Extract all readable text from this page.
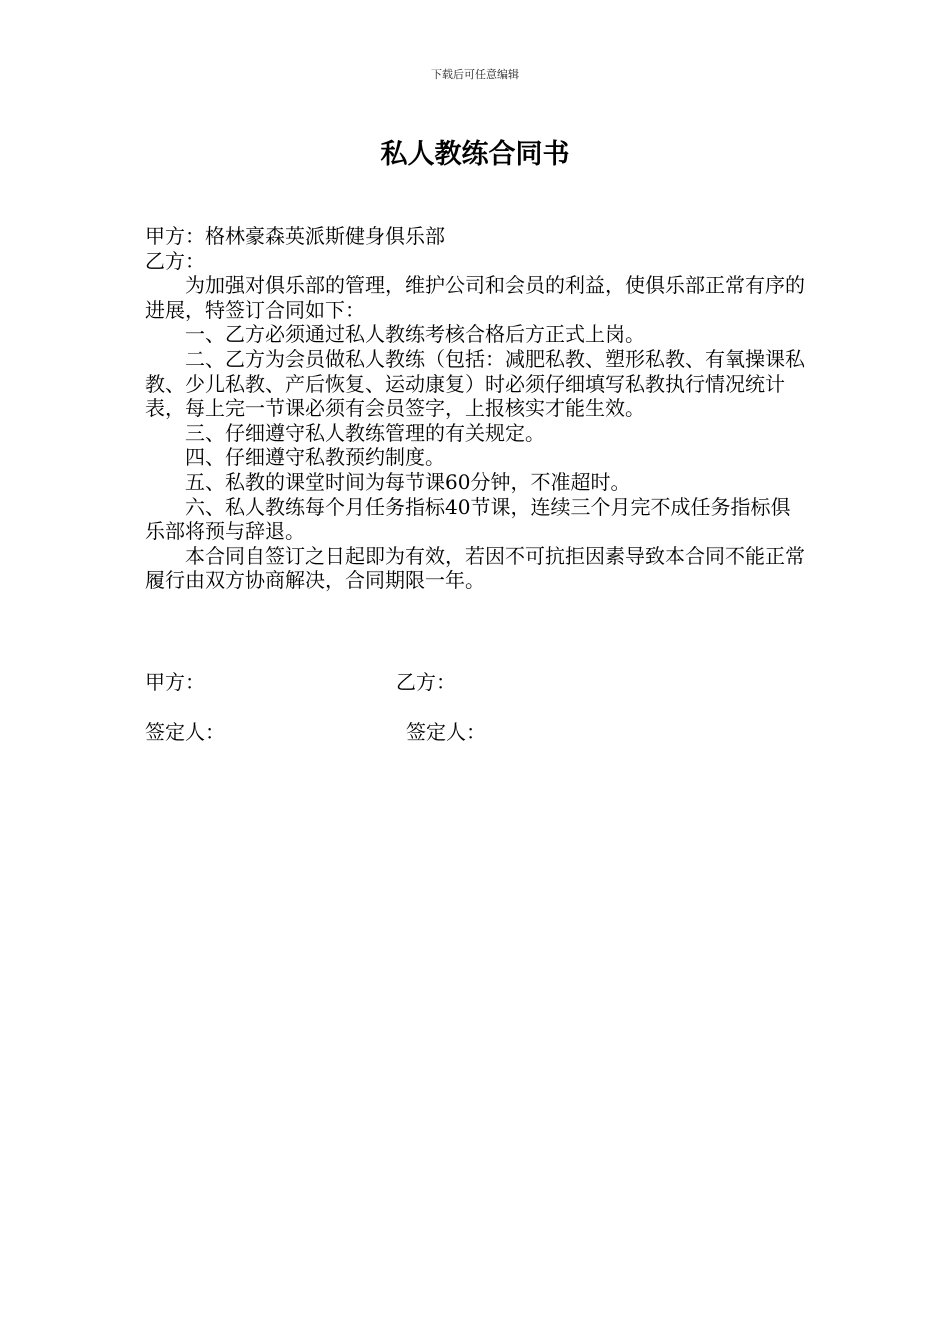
下载后可任意编辑
私人教练合同书

甲方：格林豪森英派斯健身俱乐部

乙方：

为加强对俱乐部的管理，维护公司和会员的利益，使俱乐部正常有序的进展，特签订合同如下：

一、乙方必须通过私人教练考核合格后方正式上岗。

二、乙方为会员做私人教练（包括：减肥私教、塑形私教、有氧操课私教、少儿私教、产后恢复、运动康复）时必须仔细填写私教执行情况统计表，每上完一节课必须有会员签字，上报核实才能生效。

三、仔细遵守私人教练管理的有关规定。

四、仔细遵守私教预约制度。

五、私教的课堂时间为每节课60分钟，不准超时。

六、私人教练每个月任务指标40节课，连续三个月完不成任务指标俱乐部将预与辞退。

本合同自签订之日起即为有效，若因不可抗拒因素导致本合同不能正常履行由双方协商解决，合同期限一年。

甲方：	乙方：
签定人：	签定人：
